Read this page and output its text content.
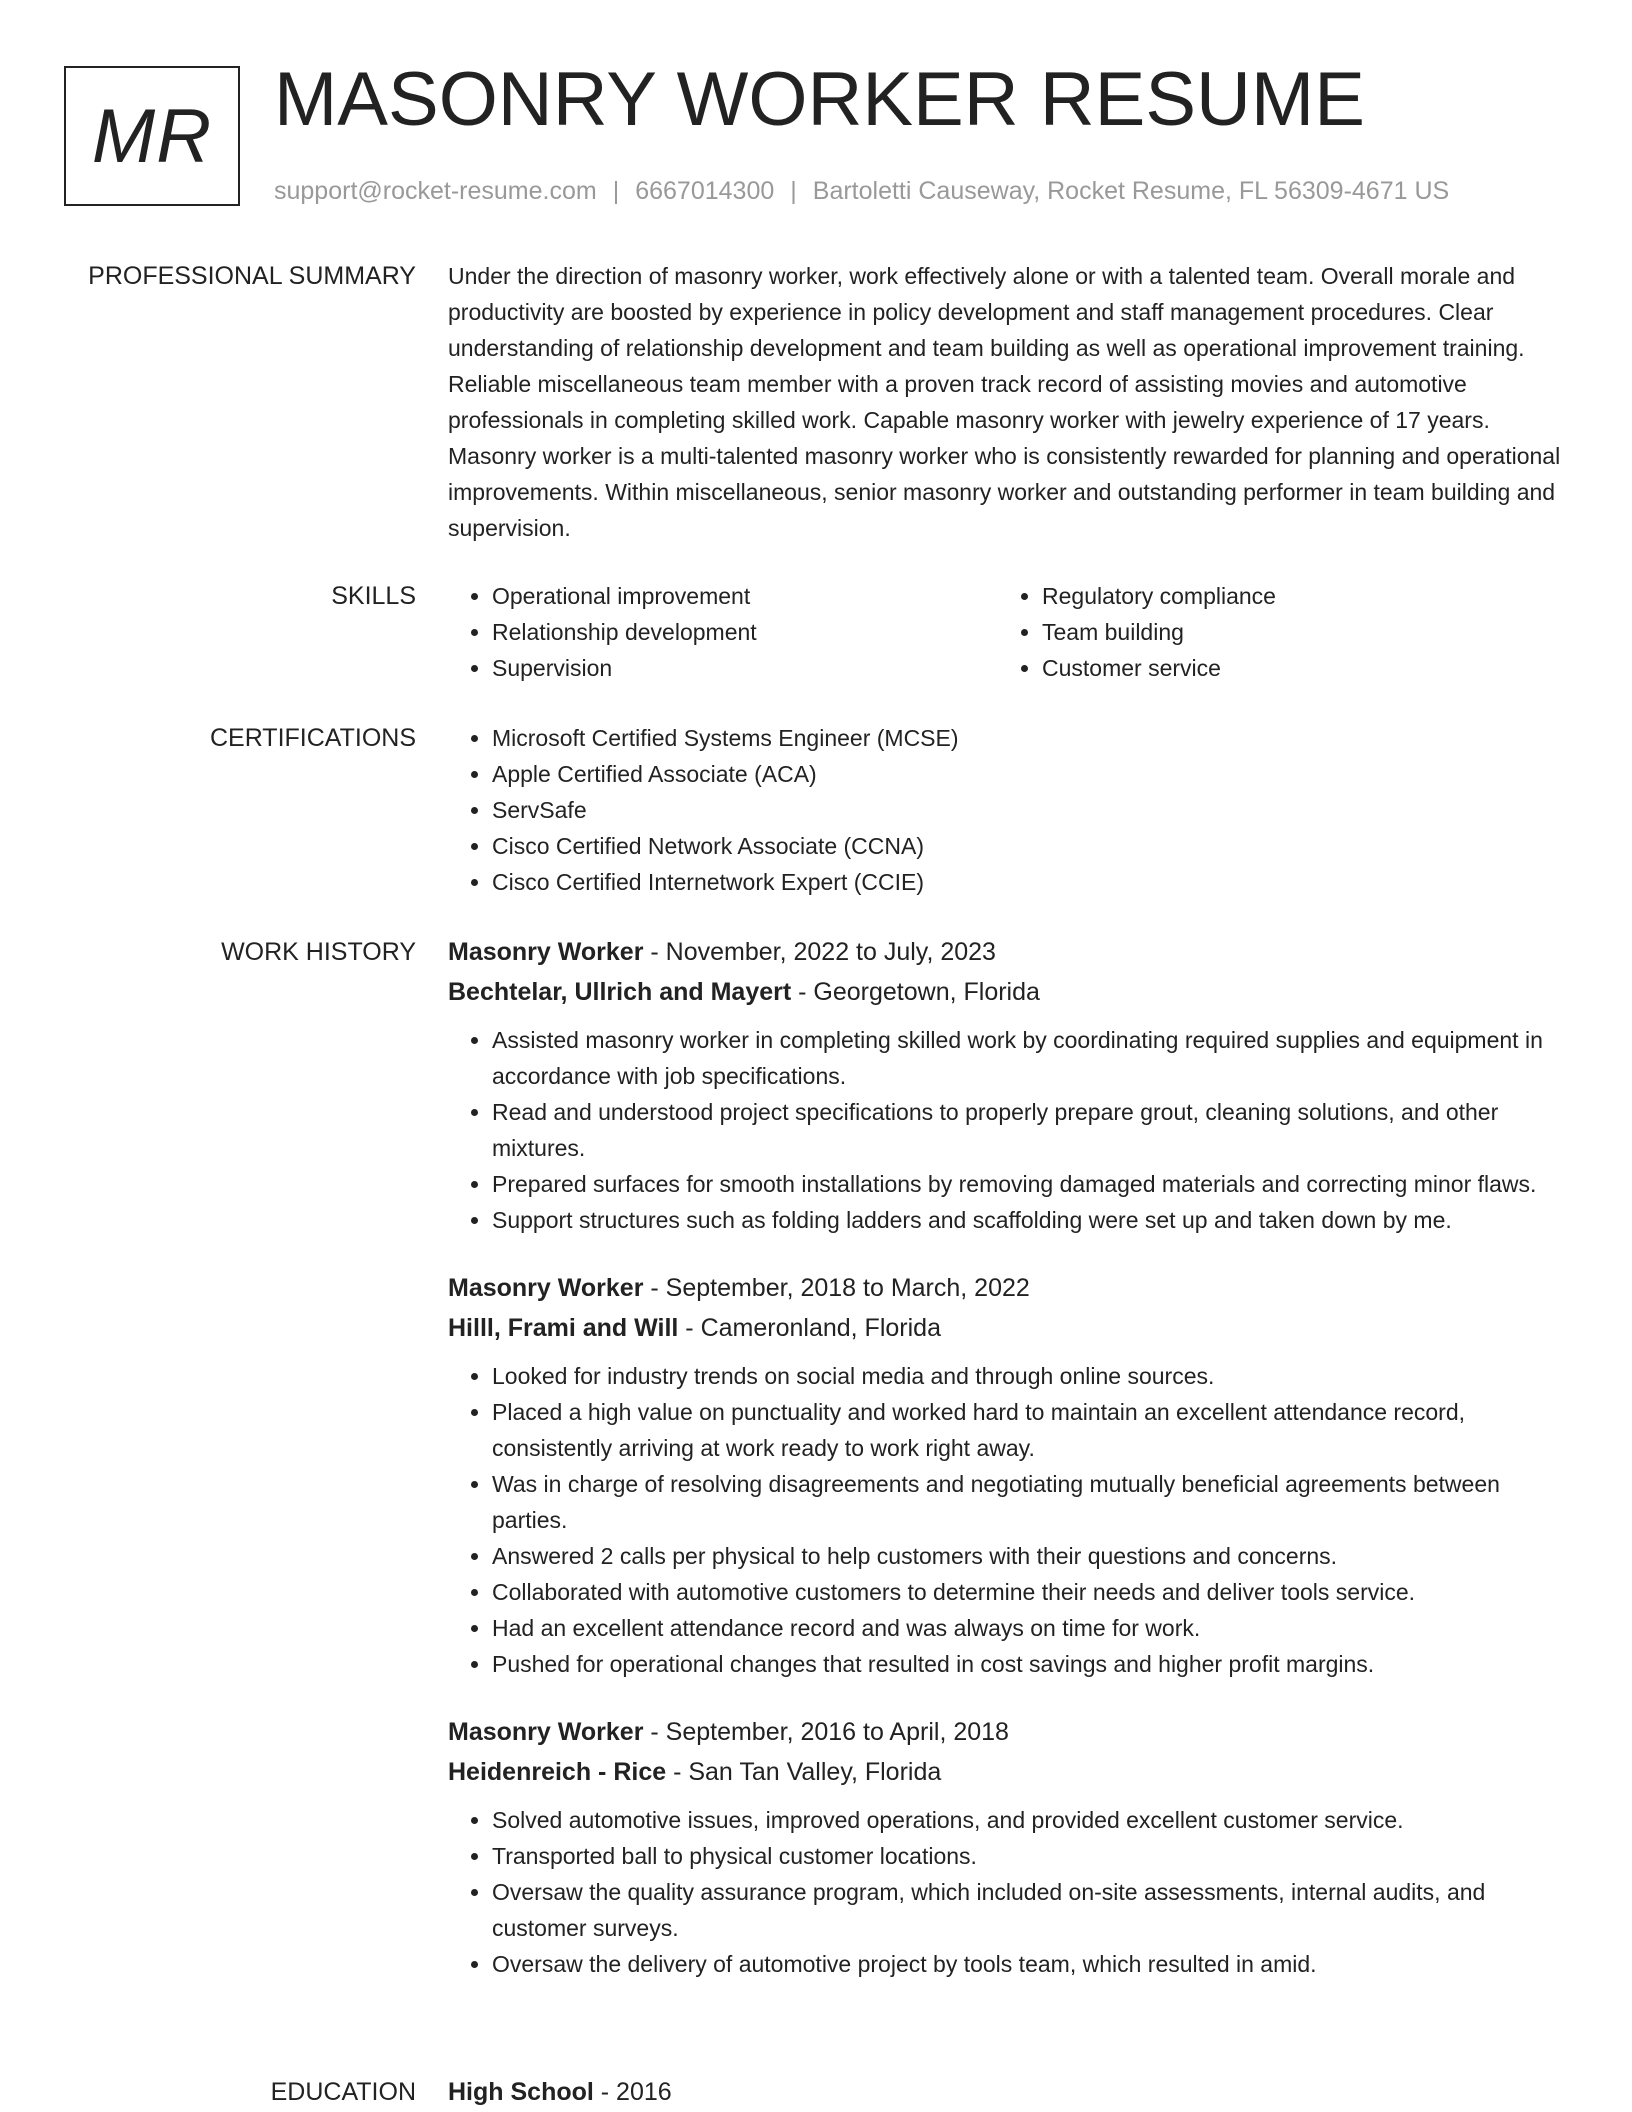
MR MASONRY WORKER RESUME
support@rocket-resume.com | 6667014300 | Bartoletti Causeway, Rocket Resume, FL 56309-4671 US
PROFESSIONAL SUMMARY Under the direction of masonry worker, work effectively alone or with a talented team. Overall morale and productivity are boosted by experience in policy development and staff management procedures. Clear understanding of relationship development and team building as well as operational improvement training. Reliable miscellaneous team member with a proven track record of assisting movies and automotive professionals in completing skilled work. Capable masonry worker with jewelry experience of 17 years. Masonry worker is a multi-talented masonry worker who is consistently rewarded for planning and operational improvements. Within miscellaneous, senior masonry worker and outstanding performer in team building and supervision.

SKILLS	• Operational improvement
• Relationship development
• Supervision
• Regulatory compliance
• Team building
• Customer service
CERTIFICATIONS	• Microsoft Certified Systems Engineer (MCSE)
• Apple Certified Associate (ACA)
• ServSafe
• Cisco Certified Network Associate (CCNA)
• Cisco Certified Internetwork Expert (CCIE)
WORK HISTORY Masonry Worker - November, 2022 to July, 2023
Bechtelar, Ullrich and Mayert - Georgetown, Florida
• Assisted masonry worker in completing skilled work by coordinating required supplies and equipment in accordance with job specifications.
• Read and understood project specifications to properly prepare grout, cleaning solutions, and other mixtures.
• Prepared surfaces for smooth installations by removing damaged materials and correcting minor flaws.
• Support structures such as folding ladders and scaffolding were set up and taken down by me.
Masonry Worker - September, 2018 to March, 2022
Hilll, Frami and Will - Cameronland, Florida
• Looked for industry trends on social media and through online sources.
• Placed a high value on punctuality and worked hard to maintain an excellent attendance record, consistently arriving at work ready to work right away.
• Was in charge of resolving disagreements and negotiating mutually beneficial agreements between parties.
• Answered 2 calls per physical to help customers with their questions and concerns.
• Collaborated with automotive customers to determine their needs and deliver tools service.
• Had an excellent attendance record and was always on time for work.
• Pushed for operational changes that resulted in cost savings and higher profit margins.
Masonry Worker - September, 2016 to April, 2018
Heidenreich - Rice - San Tan Valley, Florida
• Solved automotive issues, improved operations, and provided excellent customer service.
• Transported ball to physical customer locations.
• Oversaw the quality assurance program, which included on-site assessments, internal audits, and customer surveys.
• Oversaw the delivery of automotive project by tools team, which resulted in amid.
EDUCATION High School - 2016
